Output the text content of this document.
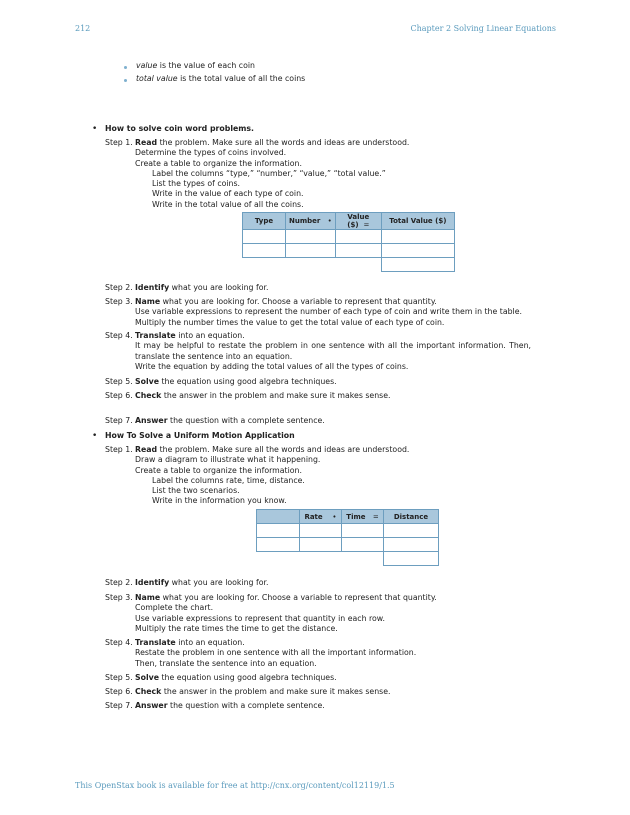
212	Chapter 2 Solving Linear Equations
value is the value of each coin
total value is the total value of all the coins
• How to solve coin word problems.
Step 1. Read the problem. Make sure all the words and ideas are understood.
Determine the types of coins involved.
Create a table to organize the information.
Label the columns “type,” “number,” “value,” “total value.”
List the types of coins.
Write in the value of each type of coin.
Write in the total value of all the coins.
Type	Number •	Value ($) =	Total Value ($)

Step 2. Identify what you are looking for.
Step 3. Name what you are looking for. Choose a variable to represent that quantity.
Use variable expressions to represent the number of each type of coin and write them in the table.
Multiply the number times the value to get the total value of each type of coin.
Step 4. Translate into an equation.
It may be helpful to restate the problem in one sentence with all the important information. Then, translate the sentence into an equation.
Write the equation by adding the total values of all the types of coins.
Step 5. Solve the equation using good algebra techniques.
Step 6. Check the answer in the problem and make sure it makes sense.
Step 7. Answer the question with a complete sentence.
• How To Solve a Uniform Motion Application
Step 1. Read the problem. Make sure all the words and ideas are understood.
Draw a diagram to illustrate what it happening.
Create a table to organize the information.
Label the columns rate, time, distance.
List the two scenarios.
Write in the information you know.
	Rate •	Time =	Distance

Step 2. Identify what you are looking for.
Step 3. Name what you are looking for. Choose a variable to represent that quantity.
Complete the chart.
Use variable expressions to represent that quantity in each row.
Multiply the rate times the time to get the distance.
Step 4. Translate into an equation.
Restate the problem in one sentence with all the important information.
Then, translate the sentence into an equation.
Step 5. Solve the equation using good algebra techniques.
Step 6. Check the answer in the problem and make sure it makes sense.
Step 7. Answer the question with a complete sentence.
This OpenStax book is available for free at http://cnx.org/content/col12119/1.5
